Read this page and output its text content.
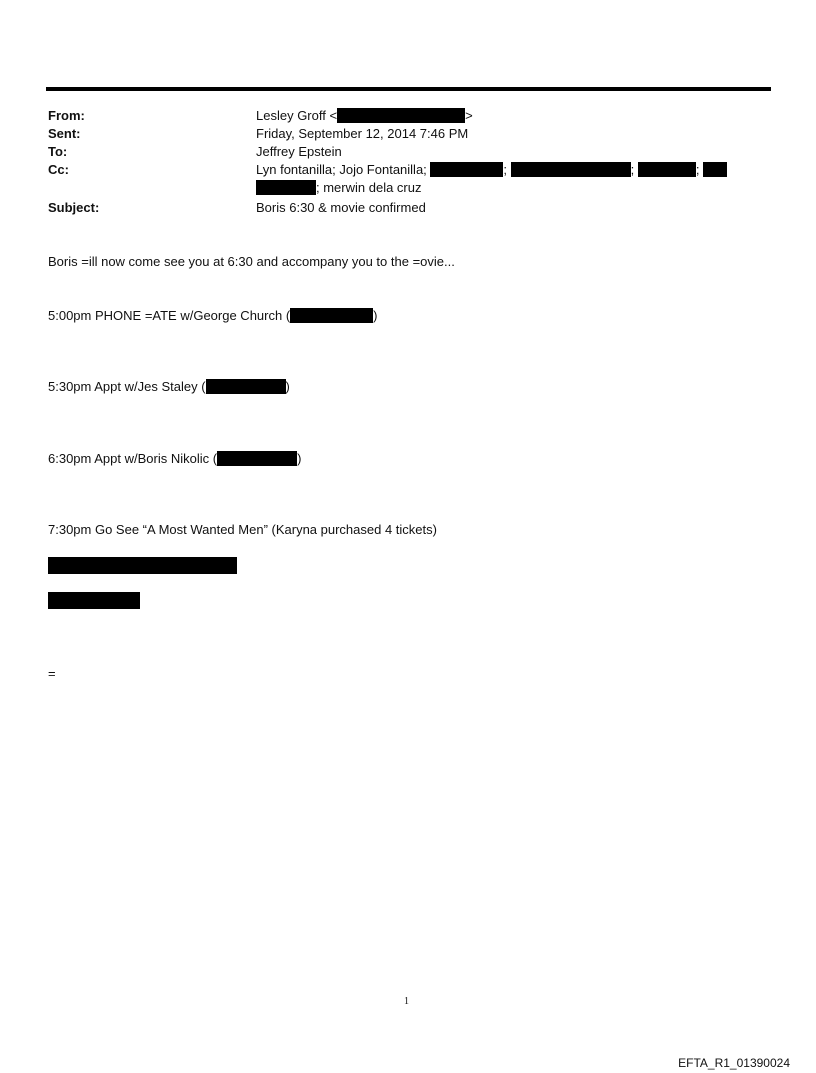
From:	Lesley Groff <	>
Sent:	Friday, September 12, 2014 7:46 PM
To:	Jeffrey Epstein
Cc:	Lyn fontanilla; Jojo Fontanilla;	;	;	;
; merwin dela cruz
Subject:	Boris 6:30 & movie confirmed
Boris =ill now come see you at 6:30 and accompany you to the =ovie...
5:00pm PHONE =ATE w/George Church (	)
5:30pm Appt w/Jes Staley (	)
6:30pm Appt w/Boris Nikolic (	)
7:30pm Go See “A Most Wanted Men” (Karyna purchased 4 tickets)
=
1
EFTA_R1_01390024
